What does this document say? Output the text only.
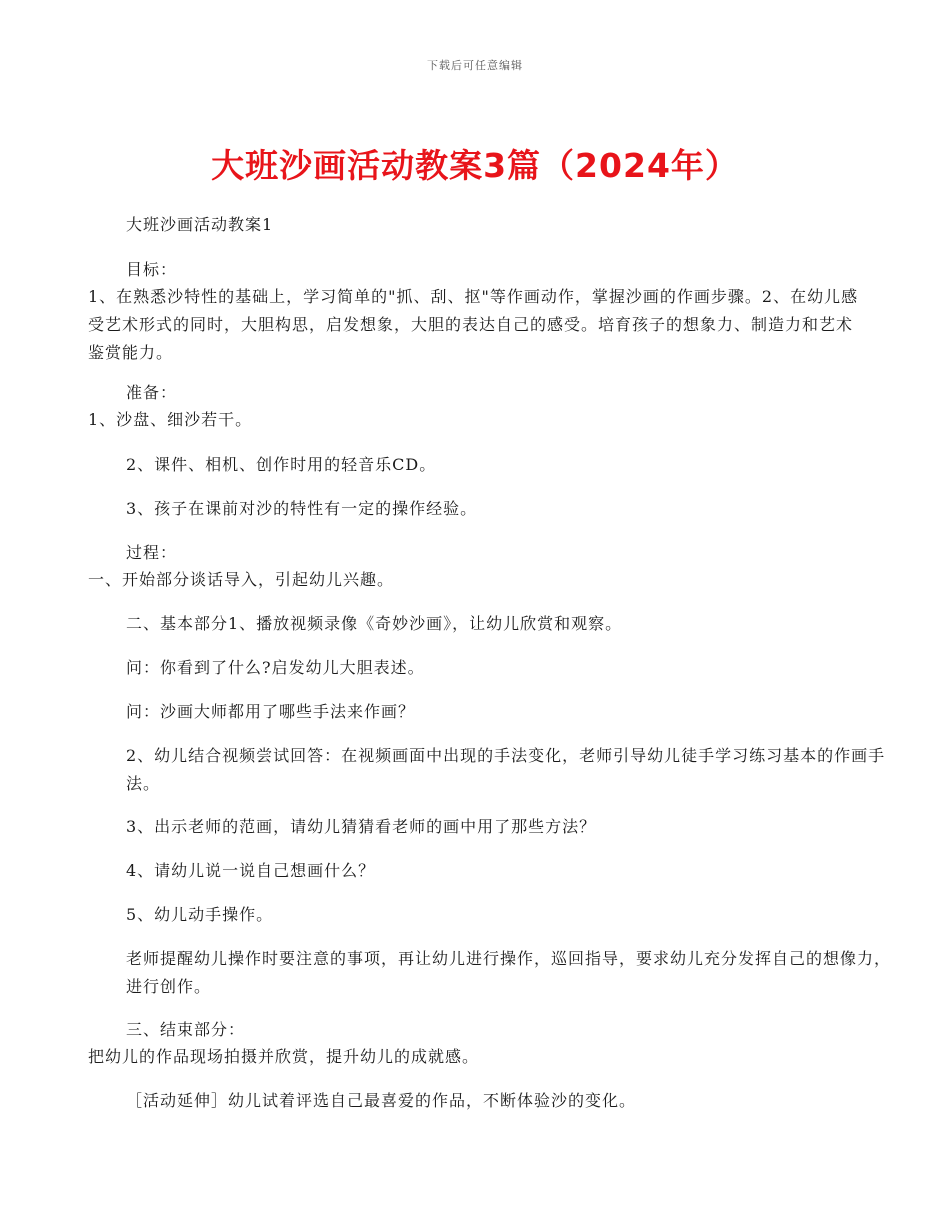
下载后可任意编辑
大班沙画活动教案3篇（2024年）

大班沙画活动教案1

目标：

1、在熟悉沙特性的基础上，学习简单的"抓、刮、抠"等作画动作，掌握沙画的作画步骤。2、在幼儿感受艺术形式的同时，大胆构思，启发想象，大胆的表达自己的感受。培育孩子的想象力、制造力和艺术鉴赏能力。

准备：

1、沙盘、细沙若干。

2、课件、相机、创作时用的轻音乐CD。

3、孩子在课前对沙的特性有一定的操作经验。

过程：

一、开始部分谈话导入，引起幼儿兴趣。

二、基本部分1、播放视频录像《奇妙沙画》，让幼儿欣赏和观察。

问：你看到了什么?启发幼儿大胆表述。

问：沙画大师都用了哪些手法来作画？

2、幼儿结合视频尝试回答：在视频画面中出现的手法变化，老师引导幼儿徒手学习练习基本的作画手法。

3、出示老师的范画，请幼儿猜猜看老师的画中用了那些方法？

4、请幼儿说一说自己想画什么？

5、幼儿动手操作。

老师提醒幼儿操作时要注意的事项，再让幼儿进行操作，巡回指导，要求幼儿充分发挥自己的想像力，进行创作。

三、结束部分：

把幼儿的作品现场拍摄并欣赏，提升幼儿的成就感。

［活动延伸］幼儿试着评选自己最喜爱的作品，不断体验沙的变化。
